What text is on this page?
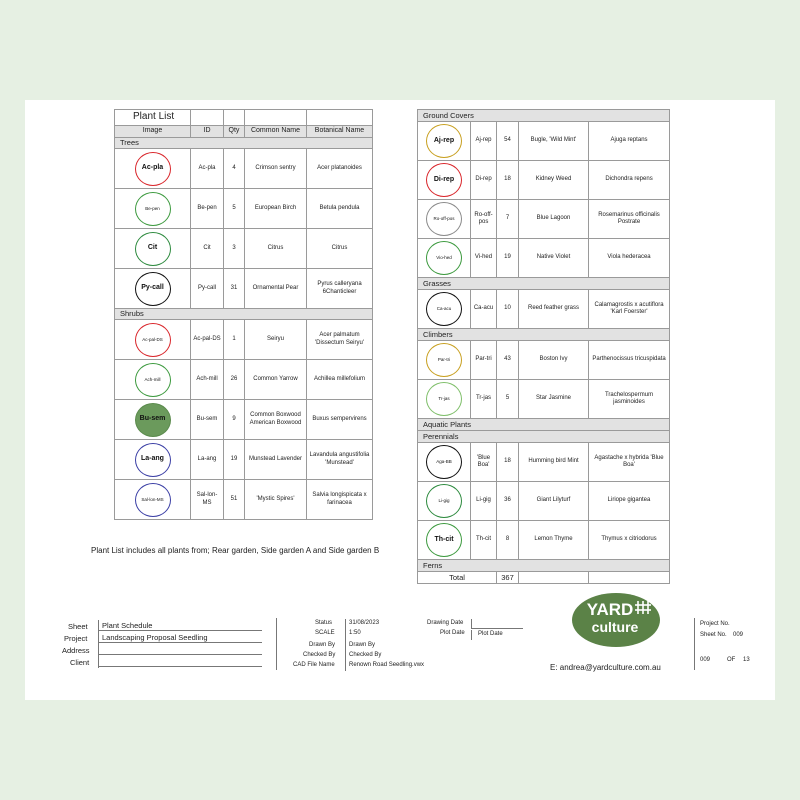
Plant List				
Image	ID	Qty	Common Name	Botanical Name
Trees				

Ac-pla	Ac-pla	4	Crimson sentry	Acer platanoides

Be-pen	Be-pen	5	European Birch	Betula pendula

Cit	Cit	3	Citrus	Citrus

Py-call	Py-call	31	Ornamental Pear	Pyrus calleryana 6Chanticleer
Shrubs				

Ac-pal-DS	Ac-pal-DS	1	Seiryu	Acer palmatum 'Dissectum Seiryu'

Ach-mill	Ach-mill	26	Common Yarrow	Achillea millefolium

Bu-sem	Bu-sem	9	Common Boxwood American Boxwood	Buxus sempervirens

La-ang	La-ang	19	Munstead Lavender	Lavandula angustifolia 'Munstead'

Sal-lon-MS	Sal-lon-MS	51	'Mystic Spires'	Salvia longispicata x farinacea
Plant List includes all plants from; Rear garden, Side garden A and Side garden B
Ground Covers				

Aj-rep	Aj-rep	54	Bugle, 'Wild Mint'	Ajuga reptans

Di-rep	Di-rep	18	Kidney Weed	Dichondra repens

Ro-off-pos	Ro-off-pos	7	Blue Lagoon	Rosemarinus officinalis Postrate

Vio-hed	Vi-hed	19	Native Violet	Viola hederacea
Grasses				

Ca-acu	Ca-acu	10	Reed feather grass	Calamagrostis x acutiflora 'Karl Foerster'
Climbers				

Par-tri	Par-tri	43	Boston Ivy	Parthenocissus tricuspidata

Tr-jas	Tr-jas	5	Star Jasmine	Trachelospermum jasminoides
Aquatic Plants				
Perennials				

Aga-BB	'Blue Boa'	18	Humming bird Mint	Agastache x hybrida 'Blue Boa'

Li-gig	Li-gig	36	Giant Lilyturf	Liriope gigantea

Th-cit	Th-cit	8	Lemon Thyme	Thymus x citriodorus
Ferns				
Total		367		
Sheet	Plant Schedule
Project	Landscaping Proposal Seedling
Address
Client
Status	31/08/2023
SCALE 1:50
Drawn By Drawn By
Checked By Checked By
CAD File Name Renown Road Seedling.vwx
Drawing Date
Plot Date Plot Date
YARD
culture
E: andrea@yardculture.com.au
Project No.
Sheet No. 009
009	OF 13
